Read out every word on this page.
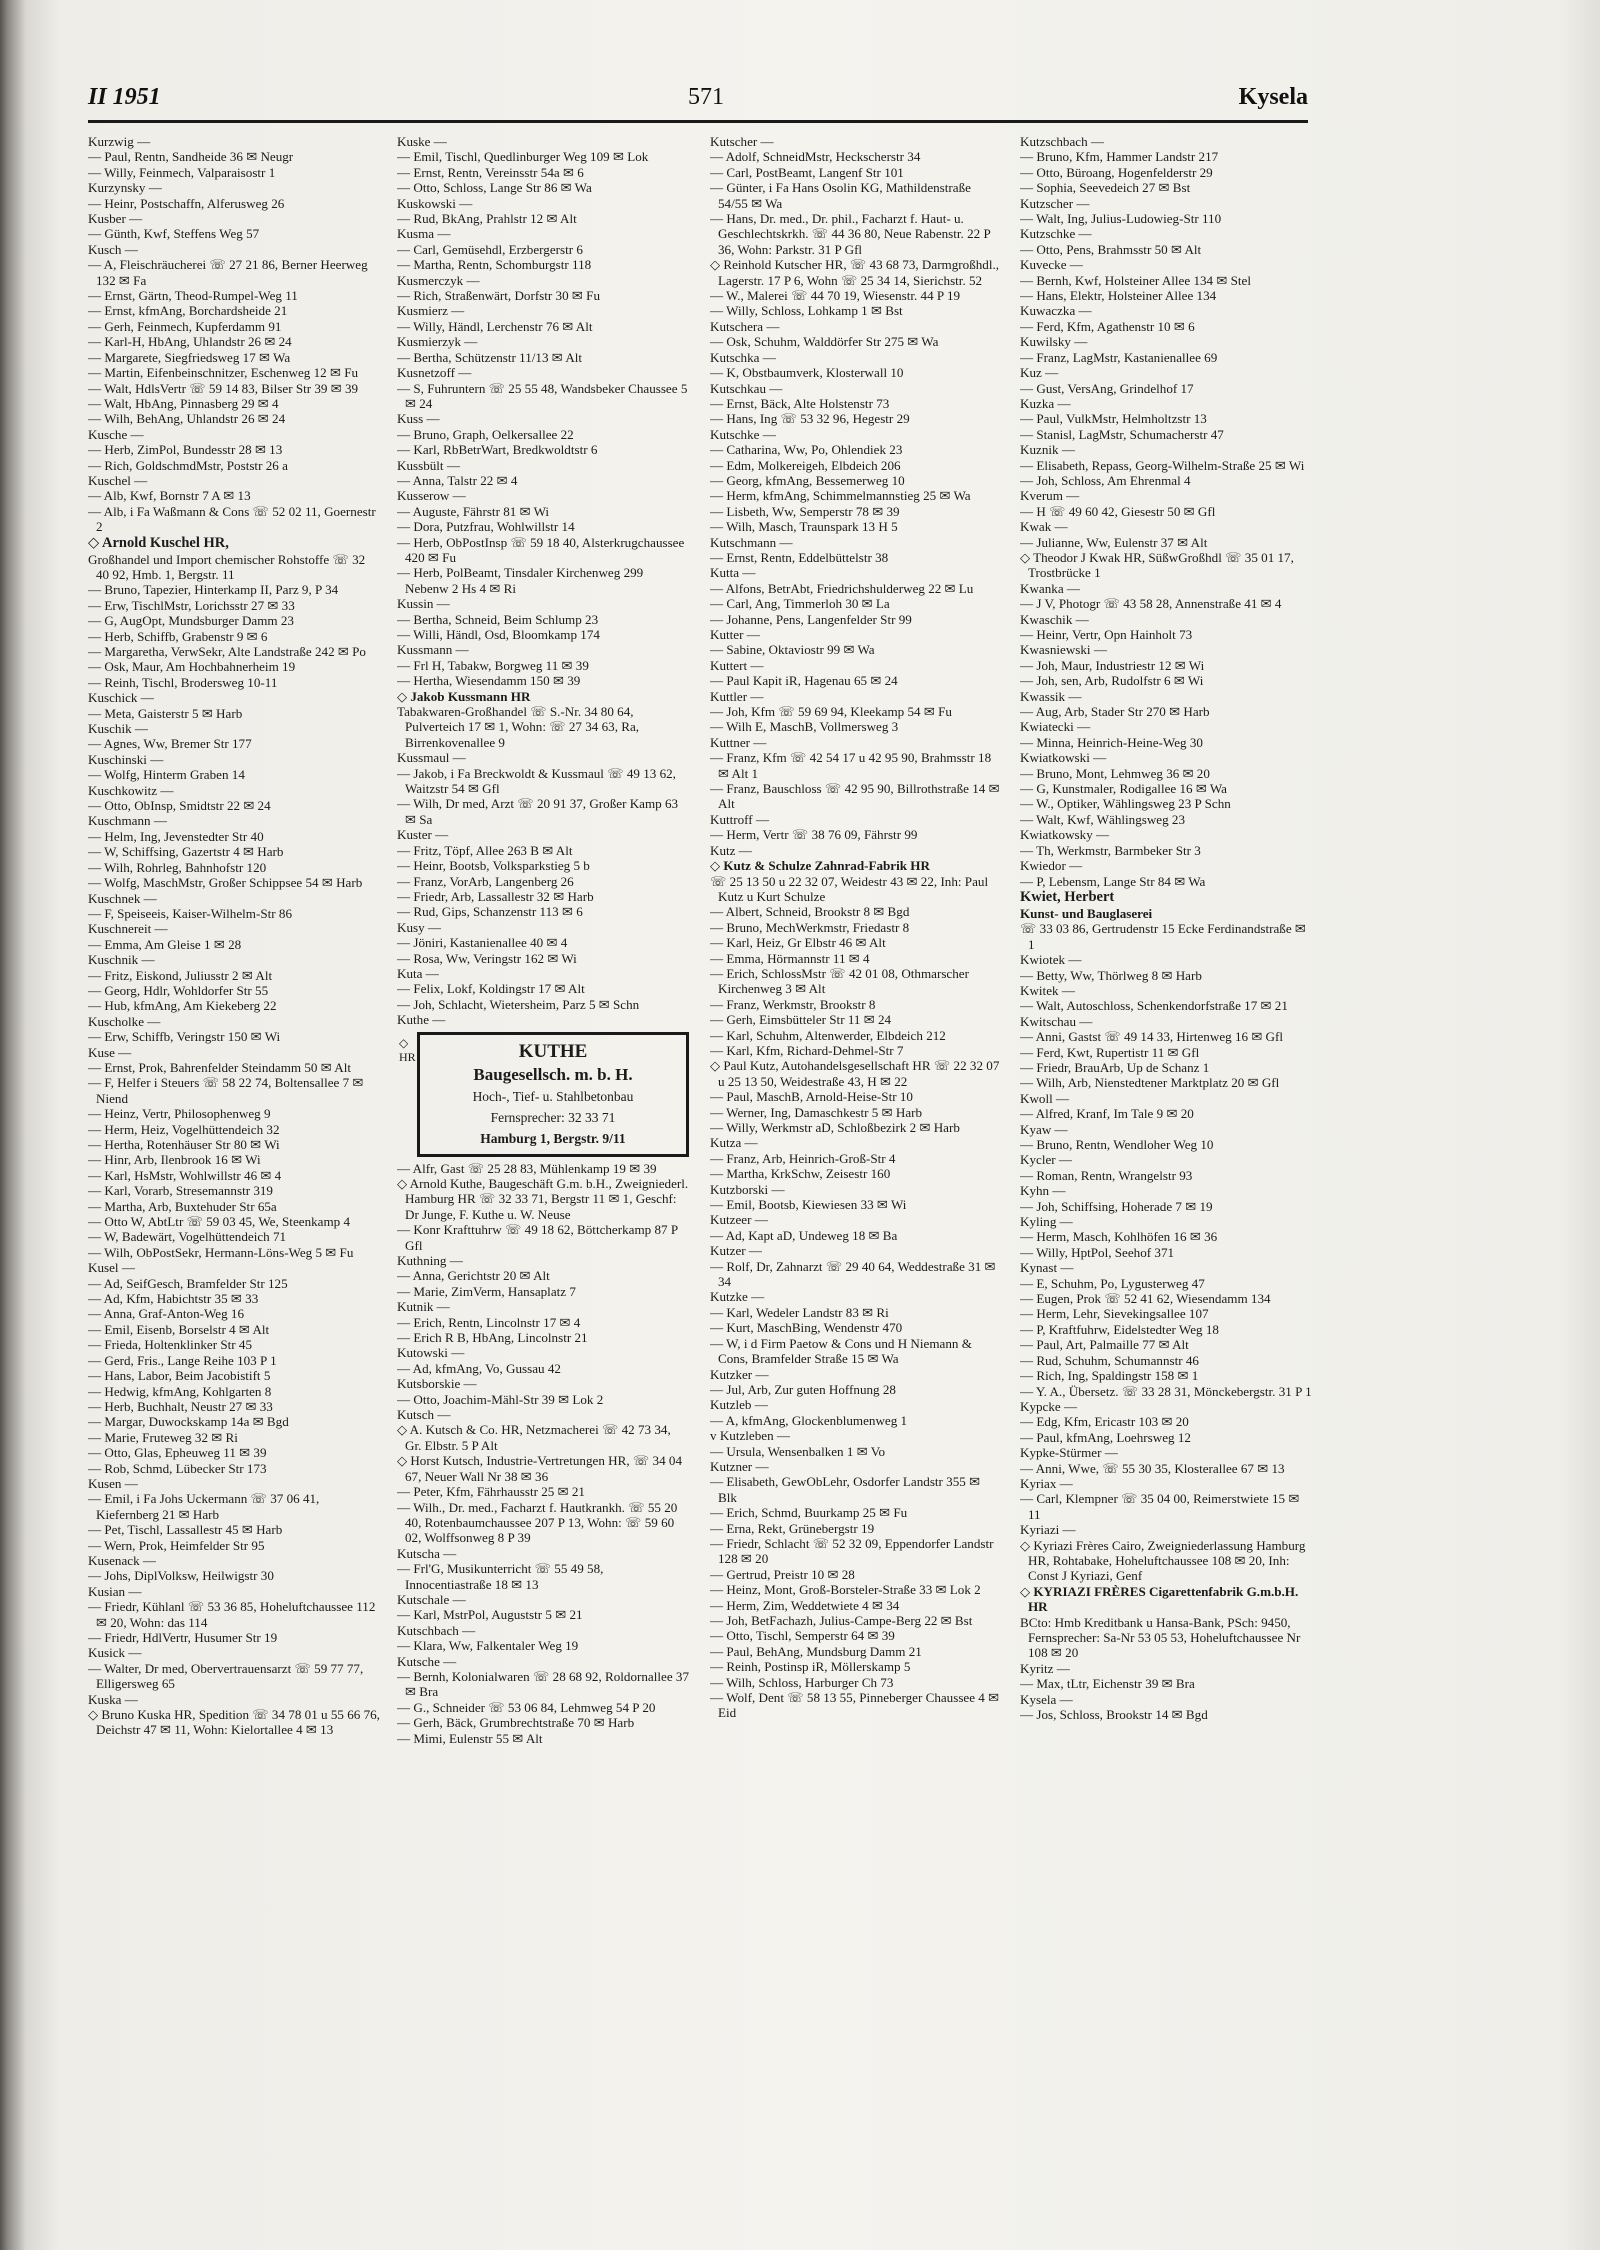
II 1951	571	Kysela
Kurzwig —
— Paul, Rentn, Sandheide 36 ✉ Neugr
— Willy, Feinmech, Valparaisostr 1
Kurzynsky —
— Heinr, Postschaffn, Alferusweg 26
Kusber —
— Günth, Kwf, Steffens Weg 57
Kusch —
— A, Fleischräucherei ☏ 27 21 86, Berner Heerweg 132 ✉ Fa
— Ernst, Gärtn, Theod-Rumpel-Weg 11
— Ernst, kfmAng, Borchardsheide 21
— Gerh, Feinmech, Kupferdamm 91
— Karl-H, HbAng, Uhlandstr 26 ✉ 24
— Margarete, Siegfriedsweg 17 ✉ Wa
— Martin, Eifenbeinschnitzer, Eschenweg 12 ✉ Fu
— Walt, HdlsVertr ☏ 59 14 83, Bilser Str 39 ✉ 39
— Walt, HbAng, Pinnasberg 29 ✉ 4
— Wilh, BehAng, Uhlandstr 26 ✉ 24
Kusche —
— Herb, ZimPol, Bundesstr 28 ✉ 13
— Rich, GoldschmdMstr, Poststr 26 a
Kuschel —
— Alb, Kwf, Bornstr 7 A ✉ 13
— Alb, i Fa Waßmann & Cons ☏ 52 02 11, Goernestr 2
◇ Arnold Kuschel HR,
Großhandel und Import chemischer Rohstoffe ☏ 32 40 92, Hmb. 1, Bergstr. 11
— Bruno, Tapezier, Hinterkamp II, Parz 9, P 34
— Erw, TischlMstr, Lorichsstr 27 ✉ 33
— G, AugOpt, Mundsburger Damm 23
— Herb, Schiffb, Grabenstr 9 ✉ 6
— Margaretha, VerwSekr, Alte Landstraße 242 ✉ Po
— Osk, Maur, Am Hochbahnerheim 19
— Reinh, Tischl, Brodersweg 10-11
Kuschick —
— Meta, Gaisterstr 5 ✉ Harb
Kuschik —
— Agnes, Ww, Bremer Str 177
Kuschinski —
— Wolfg, Hinterm Graben 14
Kuschkowitz —
— Otto, ObInsp, Smidtstr 22 ✉ 24
Kuschmann —
— Helm, Ing, Jevenstedter Str 40
— W, Schiffsing, Gazertstr 4 ✉ Harb
— Wilh, Rohrleg, Bahnhofstr 120
— Wolfg, MaschMstr, Großer Schippsee 54 ✉ Harb
Kuschnek —
— F, Speiseeis, Kaiser-Wilhelm-Str 86
Kuschnereit —
— Emma, Am Gleise 1 ✉ 28
Kuschnik —
— Fritz, Eiskond, Juliusstr 2 ✉ Alt
— Georg, Hdlr, Wohldorfer Str 55
— Hub, kfmAng, Am Kiekeberg 22
Kuscholke —
— Erw, Schiffb, Veringstr 150 ✉ Wi
Kuse —
— Ernst, Prok, Bahrenfelder Steindamm 50 ✉ Alt
— F, Helfer i Steuers ☏ 58 22 74, Boltensallee 7 ✉ Niend
— Heinz, Vertr, Philosophenweg 9
— Herm, Heiz, Vogelhüttendeich 32
— Hertha, Rotenhäuser Str 80 ✉ Wi
— Hinr, Arb, Ilenbrook 16 ✉ Wi
— Karl, HsMstr, Wohlwillstr 46 ✉ 4
— Karl, Vorarb, Stresemannstr 319
— Martha, Arb, Buxtehuder Str 65a
— Otto W, AbtLtr ☏ 59 03 45, We, Steenkamp 4
— W, Badewärt, Vogelhüttendeich 71
— Wilh, ObPostSekr, Hermann-Löns-Weg 5 ✉ Fu
Kusel —
— Ad, SeifGesch, Bramfelder Str 125
— Ad, Kfm, Habichtstr 35 ✉ 33
— Anna, Graf-Anton-Weg 16
— Emil, Eisenb, Borselstr 4 ✉ Alt
— Frieda, Holtenklinker Str 45
— Gerd, Fris., Lange Reihe 103 P 1
— Hans, Labor, Beim Jacobistift 5
— Hedwig, kfmAng, Kohlgarten 8
— Herb, Buchhalt, Neustr 27 ✉ 33
— Margar, Duwockskamp 14a ✉ Bgd
— Marie, Fruteweg 32 ✉ Ri
— Otto, Glas, Epheuweg 11 ✉ 39
— Rob, Schmd, Lübecker Str 173
Kusen —
— Emil, i Fa Johs Uckermann ☏ 37 06 41, Kiefernberg 21 ✉ Harb
— Pet, Tischl, Lassallestr 45 ✉ Harb
— Wern, Prok, Heimfelder Str 95
Kusenack —
— Johs, DiplVolksw, Heilwigstr 30
Kusian —
— Friedr, Kühlanl ☏ 53 36 85, Hoheluftchaussee 112 ✉ 20, Wohn: das 114
— Friedr, HdlVertr, Husumer Str 19
Kusick —
— Walter, Dr med, Obervertrauensarzt ☏ 59 77 77, Elligersweg 65
Kuska —
◇ Bruno Kuska HR, Spedition ☏ 34 78 01 u 55 66 76, Deichstr 47 ✉ 11, Wohn: Kielortallee 4 ✉ 13
Kuske —
— Emil, Tischl, Quedlinburger Weg 109 ✉ Lok
— Ernst, Rentn, Vereinsstr 54a ✉ 6
— Otto, Schloss, Lange Str 86 ✉ Wa
Kuskowski —
— Rud, BkAng, Prahlstr 12 ✉ Alt
Kusma —
— Carl, Gemüsehdl, Erzbergerstr 6
— Martha, Rentn, Schomburgstr 118
Kusmerczyk —
— Rich, Straßenwärt, Dorfstr 30 ✉ Fu
Kusmierz —
— Willy, Händl, Lerchenstr 76 ✉ Alt
Kusmierzyk —
— Bertha, Schützenstr 11/13 ✉ Alt
Kusnetzoff —
— S, Fuhruntern ☏ 25 55 48, Wandsbeker Chaussee 5 ✉ 24
Kuss —
— Bruno, Graph, Oelkersallee 22
— Karl, RbBetrWart, Bredkwoldtstr 6
Kussbült —
— Anna, Talstr 22 ✉ 4
Kusserow —
— Auguste, Fährstr 81 ✉ Wi
— Dora, Putzfrau, Wohlwillstr 14
— Herb, ObPostInsp ☏ 59 18 40, Alsterkrugchaussee 420 ✉ Fu
— Herb, PolBeamt, Tinsdaler Kirchenweg 299 Nebenw 2 Hs 4 ✉ Ri
Kussin —
— Bertha, Schneid, Beim Schlump 23
— Willi, Händl, Osd, Bloomkamp 174
Kussmann —
— Frl H, Tabakw, Borgweg 11 ✉ 39
— Hertha, Wiesendamm 150 ✉ 39
◇ Jakob Kussmann HR
Tabakwaren-Großhandel ☏ S.-Nr. 34 80 64, Pulverteich 17 ✉ 1, Wohn: ☏ 27 34 63, Ra, Birrenkovenallee 9
Kussmaul —
— Jakob, i Fa Breckwoldt & Kussmaul ☏ 49 13 62, Waitzstr 54 ✉ Gfl
— Wilh, Dr med, Arzt ☏ 20 91 37, Großer Kamp 63 ✉ Sa
Kuster —
— Fritz, Töpf, Allee 263 B ✉ Alt
— Heinr, Bootsb, Volksparkstieg 5 b
— Franz, VorArb, Langenberg 26
— Friedr, Arb, Lassallestr 32 ✉ Harb
— Rud, Gips, Schanzenstr 113 ✉ 6
Kusy —
— Jöniri, Kastanienallee 40 ✉ 4
— Rosa, Ww, Veringstr 162 ✉ Wi
Kuta —
— Felix, Lokf, Koldingstr 17 ✉ Alt
— Joh, Schlacht, Wietersheim, Parz 5 ✉ Schn
Kuthe —
◇ HR	KUTHE
Baugesellsch. m. b. H.
Hoch-, Tief- u. Stahlbetonbau
Fernsprecher: 32 33 71
Hamburg 1, Bergstr. 9/11
— Alfr, Gast ☏ 25 28 83, Mühlenkamp 19 ✉ 39
◇ Arnold Kuthe, Baugeschäft G.m. b.H., Zweigniederl. Hamburg HR ☏ 32 33 71, Bergstr 11 ✉ 1, Geschf: Dr Junge, F. Kuthe u. W. Neuse
— Konr Krafttuhrw ☏ 49 18 62, Böttcherkamp 87 P Gfl
Kuthning —
— Anna, Gerichtstr 20 ✉ Alt
— Marie, ZimVerm, Hansaplatz 7
Kutnik —
— Erich, Rentn, Lincolnstr 17 ✉ 4
— Erich R B, HbAng, Lincolnstr 21
Kutowski —
— Ad, kfmAng, Vo, Gussau 42
Kutsborskie —
— Otto, Joachim-Mähl-Str 39 ✉ Lok 2
Kutsch —
◇ A. Kutsch & Co. HR, Netzmacherei ☏ 42 73 34, Gr. Elbstr. 5 P Alt
◇ Horst Kutsch, Industrie-Vertretungen HR, ☏ 34 04 67, Neuer Wall Nr 38 ✉ 36
— Peter, Kfm, Fährhausstr 25 ✉ 21
— Wilh., Dr. med., Facharzt f. Hautkrankh. ☏ 55 20 40, Rotenbaumchaussee 207 P 13, Wohn: ☏ 59 60 02, Wolffsonweg 8 P 39
Kutscha —
— Frl'G, Musikunterricht ☏ 55 49 58, Innocentiastraße 18 ✉ 13
Kutschale —
— Karl, MstrPol, Auguststr 5 ✉ 21
Kutschbach —
— Klara, Ww, Falkentaler Weg 19
Kutsche —
— Bernh, Kolonialwaren ☏ 28 68 92, Roldornallee 37 ✉ Bra
— G., Schneider ☏ 53 06 84, Lehmweg 54 P 20
— Gerh, Bäck, Grumbrechtstraße 70 ✉ Harb
— Mimi, Eulenstr 55 ✉ Alt
Kutscher —
— Adolf, SchneidMstr, Heckscherstr 34
— Carl, PostBeamt, Langenf Str 101
— Günter, i Fa Hans Osolin KG, Mathildenstraße 54/55 ✉ Wa
— Hans, Dr. med., Dr. phil., Facharzt f. Haut- u. Geschlechtskrkh. ☏ 44 36 80, Neue Rabenstr. 22 P 36, Wohn: Parkstr. 31 P Gfl
◇ Reinhold Kutscher HR, ☏ 43 68 73, Darmgroßhdl., Lagerstr. 17 P 6, Wohn ☏ 25 34 14, Sierichstr. 52
— W., Malerei ☏ 44 70 19, Wiesenstr. 44 P 19
— Willy, Schloss, Lohkamp 1 ✉ Bst
Kutschera —
— Osk, Schuhm, Walddörfer Str 275 ✉ Wa
Kutschka —
— K, Obstbaumverk, Klosterwall 10
Kutschkau —
— Ernst, Bäck, Alte Holstenstr 73
— Hans, Ing ☏ 53 32 96, Hegestr 29
Kutschke —
— Catharina, Ww, Po, Ohlendiek 23
— Edm, Molkereigeh, Elbdeich 206
— Georg, kfmAng, Bessemerweg 10
— Herm, kfmAng, Schimmelmannstieg 25 ✉ Wa
— Lisbeth, Ww, Semperstr 78 ✉ 39
— Wilh, Masch, Traunspark 13 H 5
Kutschmann —
— Ernst, Rentn, Eddelbüttelstr 38
Kutta —
— Alfons, BetrAbt, Friedrichshulderweg 22 ✉ Lu
— Carl, Ang, Timmerloh 30 ✉ La
— Johanne, Pens, Langenfelder Str 99
Kutter —
— Sabine, Oktaviostr 99 ✉ Wa
Kuttert —
— Paul Kapit iR, Hagenau 65 ✉ 24
Kuttler —
— Joh, Kfm ☏ 59 69 94, Kleekamp 54 ✉ Fu
— Wilh E, MaschB, Vollmersweg 3
Kuttner —
— Franz, Kfm ☏ 42 54 17 u 42 95 90, Brahmsstr 18 ✉ Alt 1
— Franz, Bauschloss ☏ 42 95 90, Billrothstraße 14 ✉ Alt
Kuttroff —
— Herm, Vertr ☏ 38 76 09, Fährstr 99
Kutz —
◇ Kutz & Schulze Zahnrad-Fabrik HR
☏ 25 13 50 u 22 32 07, Weidestr 43 ✉ 22, Inh: Paul Kutz u Kurt Schulze
— Albert, Schneid, Brookstr 8 ✉ Bgd
— Bruno, MechWerkmstr, Friedastr 8
— Karl, Heiz, Gr Elbstr 46 ✉ Alt
— Emma, Hörmannstr 11 ✉ 4
— Erich, SchlossMstr ☏ 42 01 08, Othmarscher Kirchenweg 3 ✉ Alt
— Franz, Werkmstr, Brookstr 8
— Gerh, Eimsbütteler Str 11 ✉ 24
— Karl, Schuhm, Altenwerder, Elbdeich 212
— Karl, Kfm, Richard-Dehmel-Str 7
◇ Paul Kutz, Autohandelsgesellschaft HR ☏ 22 32 07 u 25 13 50, Weidestraße 43, H ✉ 22
— Paul, MaschB, Arnold-Heise-Str 10
— Werner, Ing, Damaschkestr 5 ✉ Harb
— Willy, Werkmstr aD, Schloßbezirk 2 ✉ Harb
Kutza —
— Franz, Arb, Heinrich-Groß-Str 4
— Martha, KrkSchw, Zeisestr 160
Kutzborski —
— Emil, Bootsb, Kiewiesen 33 ✉ Wi
Kutzeer —
— Ad, Kapt aD, Undeweg 18 ✉ Ba
Kutzer —
— Rolf, Dr, Zahnarzt ☏ 29 40 64, Weddestraße 31 ✉ 34
Kutzke —
— Karl, Wedeler Landstr 83 ✉ Ri
— Kurt, MaschBing, Wendenstr 470
— W, i d Firm Paetow & Cons und H Niemann & Cons, Bramfelder Straße 15 ✉ Wa
Kutzker —
— Jul, Arb, Zur guten Hoffnung 28
Kutzleb —
— A, kfmAng, Glockenblumenweg 1
v Kutzleben —
— Ursula, Wensenbalken 1 ✉ Vo
Kutzner —
— Elisabeth, GewObLehr, Osdorfer Landstr 355 ✉ Blk
— Erich, Schmd, Buurkamp 25 ✉ Fu
— Erna, Rekt, Grünebergstr 19
— Friedr, Schlacht ☏ 52 32 09, Eppendorfer Landstr 128 ✉ 20
— Gertrud, Preistr 10 ✉ 28
— Heinz, Mont, Groß-Borsteler-Straße 33 ✉ Lok 2
— Herm, Zim, Weddetwiete 4 ✉ 34
— Joh, BetFachazh, Julius-Campe-Berg 22 ✉ Bst
— Otto, Tischl, Semperstr 64 ✉ 39
— Paul, BehAng, Mundsburg Damm 21
— Reinh, Postinsp iR, Möllerskamp 5
— Wilh, Schloss, Harburger Ch 73
— Wolf, Dent ☏ 58 13 55, Pinneberger Chaussee 4 ✉ Eid
Kutzschbach —
— Bruno, Kfm, Hammer Landstr 217
— Otto, Büroang, Hogenfelderstr 29
— Sophia, Seevedeich 27 ✉ Bst
Kutzscher —
— Walt, Ing, Julius-Ludowieg-Str 110
Kutzschke —
— Otto, Pens, Brahmsstr 50 ✉ Alt
Kuvecke —
— Bernh, Kwf, Holsteiner Allee 134 ✉ Stel
— Hans, Elektr, Holsteiner Allee 134
Kuwaczka —
— Ferd, Kfm, Agathenstr 10 ✉ 6
Kuwilsky —
— Franz, LagMstr, Kastanienallee 69
Kuz —
— Gust, VersAng, Grindelhof 17
Kuzka —
— Paul, VulkMstr, Helmholtzstr 13
— Stanisl, LagMstr, Schumacherstr 47
Kuznik —
— Elisabeth, Repass, Georg-Wilhelm-Straße 25 ✉ Wi
— Joh, Schloss, Am Ehrenmal 4
Kverum —
— H ☏ 49 60 42, Giesestr 50 ✉ Gfl
Kwak —
— Julianne, Ww, Eulenstr 37 ✉ Alt
◇ Theodor J Kwak HR, SüßwGroßhdl ☏ 35 01 17, Trostbrücke 1
Kwanka —
— J V, Photogr ☏ 43 58 28, Annenstraße 41 ✉ 4
Kwaschik —
— Heinr, Vertr, Opn Hainholt 73
Kwasniewski —
— Joh, Maur, Industriestr 12 ✉ Wi
— Joh, sen, Arb, Rudolfstr 6 ✉ Wi
Kwassik —
— Aug, Arb, Stader Str 270 ✉ Harb
Kwiatecki —
— Minna, Heinrich-Heine-Weg 30
Kwiatkowski —
— Bruno, Mont, Lehmweg 36 ✉ 20
— G, Kunstmaler, Rodigallee 16 ✉ Wa
— W., Optiker, Wählingsweg 23 P Schn
— Walt, Kwf, Wählingsweg 23
Kwiatkowsky —
— Th, Werkmstr, Barmbeker Str 3
Kwiedor —
— P, Lebensm, Lange Str 84 ✉ Wa
Kwiet, Herbert
Kunst- und Bauglaserei
☏ 33 03 86, Gertrudenstr 15 Ecke Ferdinandstraße ✉ 1
Kwiotek —
— Betty, Ww, Thörlweg 8 ✉ Harb
Kwitek —
— Walt, Autoschloss, Schenkendorfstraße 17 ✉ 21
Kwitschau —
— Anni, Gastst ☏ 49 14 33, Hirtenweg 16 ✉ Gfl
— Ferd, Kwt, Rupertistr 11 ✉ Gfl
— Friedr, BrauArb, Up de Schanz 1
— Wilh, Arb, Nienstedtener Marktplatz 20 ✉ Gfl
Kwoll —
— Alfred, Kranf, Im Tale 9 ✉ 20
Kyaw —
— Bruno, Rentn, Wendloher Weg 10
Kycler —
— Roman, Rentn, Wrangelstr 93
Kyhn —
— Joh, Schiffsing, Hoherade 7 ✉ 19
Kyling —
— Herm, Masch, Kohlhöfen 16 ✉ 36
— Willy, HptPol, Seehof 371
Kynast —
— E, Schuhm, Po, Lygusterweg 47
— Eugen, Prok ☏ 52 41 62, Wiesendamm 134
— Herm, Lehr, Sievekingsallee 107
— P, Kraftfuhrw, Eidelstedter Weg 18
— Paul, Art, Palmaille 77 ✉ Alt
— Rud, Schuhm, Schumannstr 46
— Rich, Ing, Spaldingstr 158 ✉ 1
— Y. A., Übersetz. ☏ 33 28 31, Mönckebergstr. 31 P 1
Kypcke —
— Edg, Kfm, Ericastr 103 ✉ 20
— Paul, kfmAng, Loehrsweg 12
Kypke-Stürmer —
— Anni, Wwe, ☏ 55 30 35, Klosterallee 67 ✉ 13
Kyriax —
— Carl, Klempner ☏ 35 04 00, Reimerstwiete 15 ✉ 11
Kyriazi —
◇ Kyriazi Frères Cairo, Zweigniederlassung Hamburg HR, Rohtabake, Hoheluftchaussee 108 ✉ 20, Inh: Const J Kyriazi, Genf
◇ KYRIAZI FRÈRES Cigarettenfabrik G.m.b.H. HR
BCto: Hmb Kreditbank u Hansa-Bank, PSch: 9450, Fernsprecher: Sa-Nr 53 05 53, Hoheluftchaussee Nr 108 ✉ 20
Kyritz —
— Max, tLtr, Eichenstr 39 ✉ Bra
Kysela —
— Jos, Schloss, Brookstr 14 ✉ Bgd
